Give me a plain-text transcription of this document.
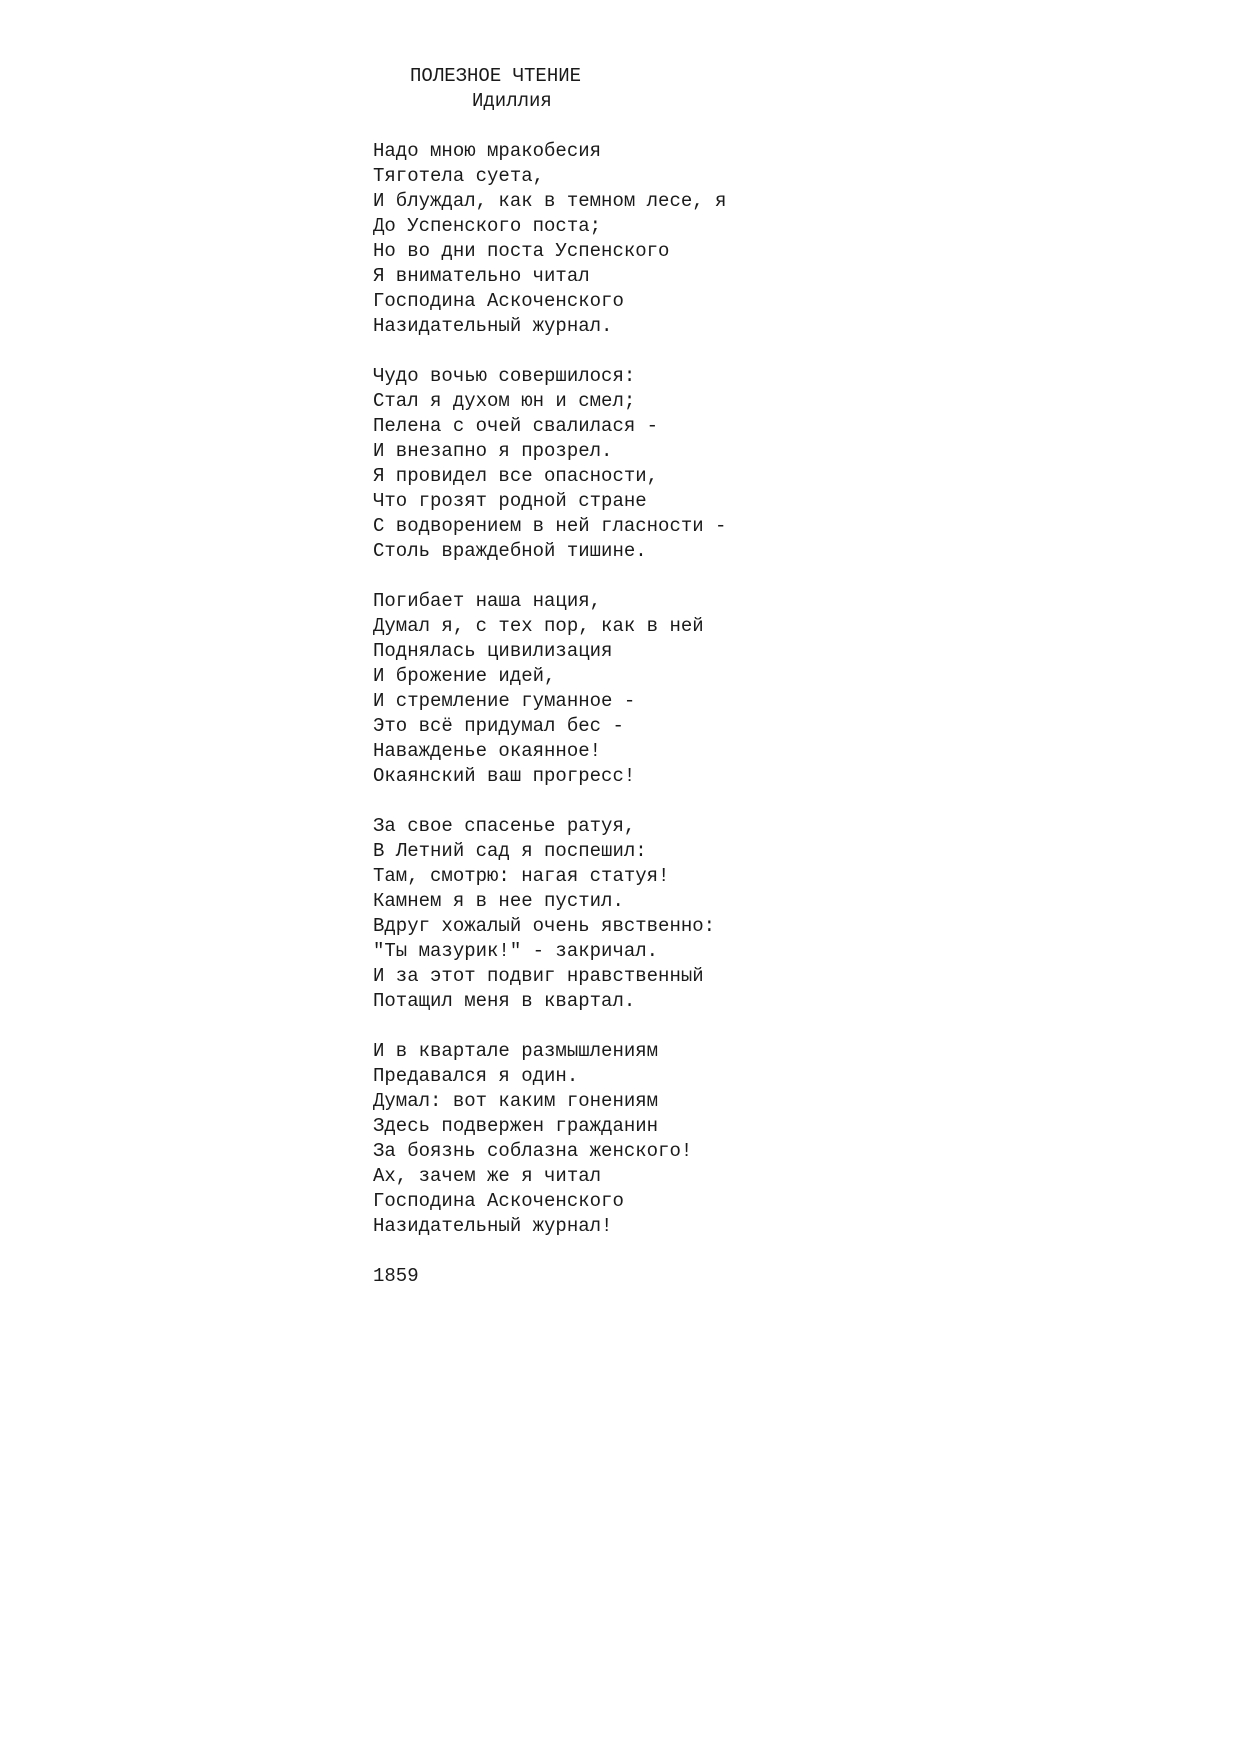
ПОЛЕЗНОЕ ЧТЕНИЕ
Идиллия
Надо мною мракобесия
Тяготела суета,
И блуждал, как в темном лесе, я
До Успенского поста;
Но во дни поста Успенского
Я внимательно читал
Господина Аскоченского
Назидательный журнал.
Чудо вочью совершилося:
Стал я духом юн и смел;
Пелена с очей свалилася -
И внезапно я прозрел.
Я провидел все опасности,
Что грозят родной стране
С водворением в ней гласности -
Столь враждебной тишине.
Погибает наша нация,
Думал я, с тех пор, как в ней
Поднялась цивилизация
И брожение идей,
И стремление гуманное -
Это всё придумал бес -
Наважденье окаянное!
Окаянский ваш прогресс!
За свое спасенье ратуя,
В Летний сад я поспешил:
Там, смотрю: нагая статуя!
Камнем я в нее пустил.
Вдруг хожалый очень явственно:
"Ты мазурик!" - закричал.
И за этот подвиг нравственный
Потащил меня в квартал.
И в квартале размышлениям
Предавался я один.
Думал: вот каким гонениям
Здесь подвержен гражданин
За боязнь соблазна женского!
Ах, зачем же я читал
Господина Аскоченского
Назидательный журнал!
1859
